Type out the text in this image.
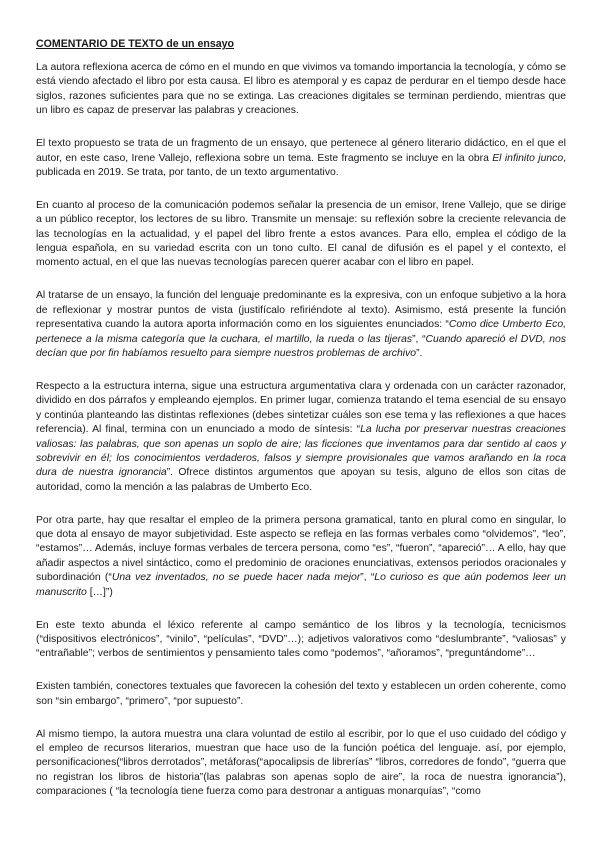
COMENTARIO DE TEXTO de un ensayo
La autora reflexiona acerca de cómo en el mundo en que vivimos va tomando importancia la tecnología, y cómo se está viendo afectado el libro por esta causa. El libro es atemporal y es capaz de perdurar en el tiempo desde hace siglos, razones suficientes para que no se extinga. Las creaciones digitales se terminan perdiendo, mientras que un libro es capaz de preservar las palabras y creaciones.
El texto propuesto se trata de un fragmento de un ensayo, que pertenece al género literario didáctico, en el que el autor, en este caso, Irene Vallejo, reflexiona sobre un tema. Este fragmento se incluye en la obra El infinito junco, publicada en 2019. Se trata, por tanto, de un texto argumentativo.
En cuanto al proceso de la comunicación podemos señalar la presencia de un emisor, Irene Vallejo, que se dirige a un público receptor, los lectores de su libro. Transmite un mensaje: su reflexión sobre la creciente relevancia de las tecnologías en la actualidad, y el papel del libro frente a estos avances. Para ello, emplea el código de la lengua española, en su variedad escrita con un tono culto. El canal de difusión es el papel y el contexto, el momento actual, en el que las nuevas tecnologías parecen querer acabar con el libro en papel.
Al tratarse de un ensayo, la función del lenguaje predominante es la expresiva, con un enfoque subjetivo a la hora de reflexionar y mostrar puntos de vista (justifícalo refiriéndote al texto). Asimismo, está presente la función representativa cuando la autora aporta información como en los siguientes enunciados: “Como dice Umberto Eco, pertenece a la misma categoría que la cuchara, el martillo, la rueda o las tijeras”, “Cuando apareció el DVD, nos decían que por fin habíamos resuelto para siempre nuestros problemas de archivo”.
Respecto a la estructura interna, sigue una estructura argumentativa clara y ordenada con un carácter razonador, dividido en dos párrafos y empleando ejemplos. En primer lugar, comienza tratando el tema esencial de su ensayo y continúa planteando las distintas reflexiones (debes sintetizar cuáles son ese tema y las reflexiones a que haces referencia). Al final, termina con un enunciado a modo de síntesis: “La lucha por preservar nuestras creaciones valiosas: las palabras, que son apenas un soplo de aire; las ficciones que inventamos para dar sentido al caos y sobrevivir en él; los conocimientos verdaderos, falsos y siempre provisionales que vamos arañando en la roca dura de nuestra ignorancia”. Ofrece distintos argumentos que apoyan su tesis, alguno de ellos son citas de autoridad, como la mención a las palabras de Umberto Eco.
Por otra parte, hay que resaltar el empleo de la primera persona gramatical, tanto en plural como en singular, lo que dota al ensayo de mayor subjetividad. Este aspecto se refleja en las formas verbales como “olvidemos”, “leo”, “estamos”… Además, incluye formas verbales de tercera persona, como “es”, “fueron”, “apareció”… A ello, hay que añadir aspectos a nivel sintáctico, como el predominio de oraciones enunciativas, extensos periodos oracionales y subordinación (“Una vez inventados, no se puede hacer nada mejor”, “Lo curioso es que aún podemos leer un manuscrito […]”)
En este texto abunda el léxico referente al campo semántico de los libros y la tecnología, tecnicismos (“dispositivos electrónicos”, “vinilo”, “películas”, “DVD”…); adjetivos valorativos como “deslumbrante”, “valiosas” y “entrañable”; verbos de sentimientos y pensamiento tales como “podemos”, “añoramos”, “preguntándome”…
Existen también, conectores textuales que favorecen la cohesión del texto y establecen un orden coherente, como son “sin embargo”, “primero”, “por supuesto”.
Al mismo tiempo, la autora muestra una clara voluntad de estilo al escribir, por lo que el uso cuidado del código y el empleo de recursos literarios, muestran que hace uso de la función poética del lenguaje. así, por ejemplo, personificaciones(“libros derrotados”, metáforas(“apocalipsis de librerías” “libros, corredores de fondo”, “guerra que no registran los libros de historia”(las palabras son apenas soplo de aire”, la roca de nuestra ignorancia”), comparaciones ( “la tecnología tiene fuerza como para destronar a antiguas monarquías”, “como
